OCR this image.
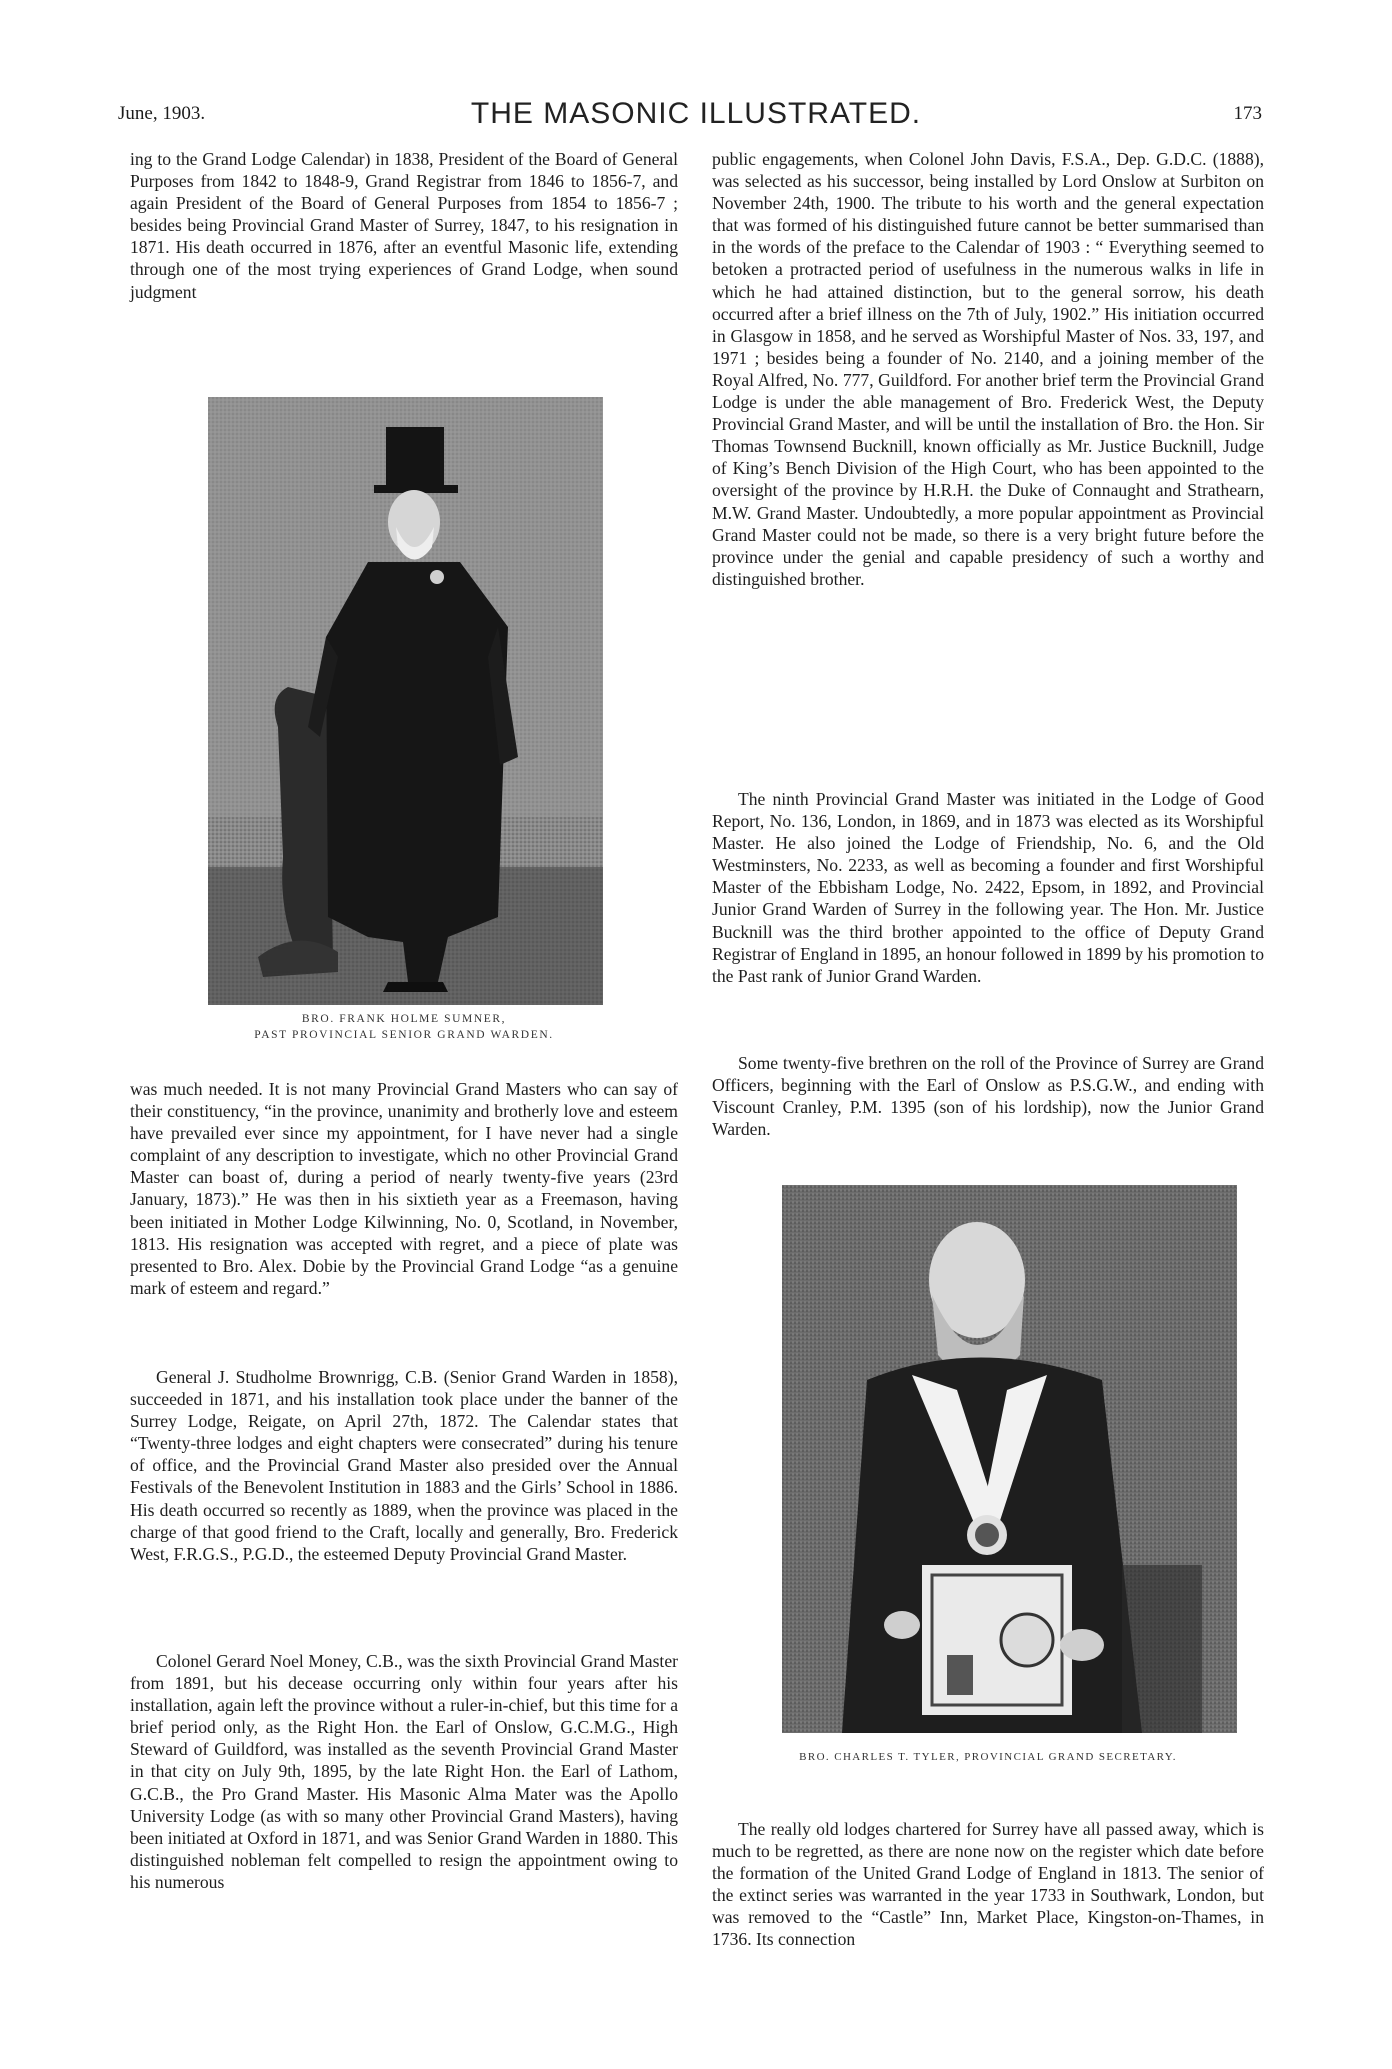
June, 1903.	THE MASONIC ILLUSTRATED.	173

ing to the Grand Lodge Calendar) in 1838, President of the Board of General Purposes from 1842 to 1848-9, Grand Registrar from 1846 to 1856-7, and again President of the Board of General Purposes from 1854 to 1856-7 ; besides being Provincial Grand Master of Surrey, 1847, to his resignation in 1871. His death occurred in 1876, after an eventful Masonic life, extending through one of the most trying experiences of Grand Lodge, when sound judgment

BRO. FRANK HOLME SUMNER,

PAST PROVINCIAL SENIOR GRAND WARDEN.

was much needed. It is not many Provincial Grand Masters who can say of their constituency, “in the province, unanimity and brotherly love and esteem have prevailed ever since my appointment, for I have never had a single complaint of any description to investigate, which no other Provincial Grand Master can boast of, during a period of nearly twenty-five years (23rd January, 1873).” He was then in his sixtieth year as a Freemason, having been initiated in Mother Lodge Kilwinning, No. 0, Scotland, in November, 1813. His resignation was accepted with regret, and a piece of plate was presented to Bro. Alex. Dobie by the Provincial Grand Lodge “as a genuine mark of esteem and regard.”

General J. Studholme Brownrigg, C.B. (Senior Grand Warden in 1858), succeeded in 1871, and his installation took place under the banner of the Surrey Lodge, Reigate, on April 27th, 1872. The Calendar states that “Twenty-three lodges and eight chapters were consecrated” during his tenure of office, and the Provincial Grand Master also presided over the Annual Festivals of the Benevolent Institution in 1883 and the Girls’ School in 1886. His death occurred so recently as 1889, when the province was placed in the charge of that good friend to the Craft, locally and generally, Bro. Frederick West, F.R.G.S., P.G.D., the esteemed Deputy Provincial Grand Master.

Colonel Gerard Noel Money, C.B., was the sixth Provincial Grand Master from 1891, but his decease occurring only within four years after his installation, again left the province without a ruler-in-chief, but this time for a brief period only, as the Right Hon. the Earl of Onslow, G.C.M.G., High Steward of Guildford, was installed as the seventh Provincial Grand Master in that city on July 9th, 1895, by the late Right Hon. the Earl of Lathom, G.C.B., the Pro Grand Master. His Masonic Alma Mater was the Apollo University Lodge (as with so many other Provincial Grand Masters), having been initiated at Oxford in 1871, and was Senior Grand Warden in 1880. This distinguished nobleman felt compelled to resign the appointment owing to his numerous

public engagements, when Colonel John Davis, F.S.A., Dep. G.D.C. (1888), was selected as his successor, being installed by Lord Onslow at Surbiton on November 24th, 1900. The tribute to his worth and the general expectation that was formed of his distinguished future cannot be better summarised than in the words of the preface to the Calendar of 1903 : “ Everything seemed to betoken a protracted period of usefulness in the numerous walks in life in which he had attained distinction, but to the general sorrow, his death occurred after a brief illness on the 7th of July, 1902.” His initiation occurred in Glasgow in 1858, and he served as Worshipful Master of Nos. 33, 197, and 1971 ; besides being a founder of No. 2140, and a joining member of the Royal Alfred, No. 777, Guildford. For another brief term the Provincial Grand Lodge is under the able management of Bro. Frederick West, the Deputy Provincial Grand Master, and will be until the installation of Bro. the Hon. Sir Thomas Townsend Bucknill, known officially as Mr. Justice Bucknill, Judge of King’s Bench Division of the High Court, who has been appointed to the oversight of the province by H.R.H. the Duke of Connaught and Strathearn, M.W. Grand Master. Undoubtedly, a more popular appointment as Provincial Grand Master could not be made, so there is a very bright future before the province under the genial and capable presidency of such a worthy and distinguished brother.

The ninth Provincial Grand Master was initiated in the Lodge of Good Report, No. 136, London, in 1869, and in 1873 was elected as its Worshipful Master. He also joined the Lodge of Friendship, No. 6, and the Old Westminsters, No. 2233, as well as becoming a founder and first Worshipful Master of the Ebbisham Lodge, No. 2422, Epsom, in 1892, and Provincial Junior Grand Warden of Surrey in the following year. The Hon. Mr. Justice Bucknill was the third brother appointed to the office of Deputy Grand Registrar of England in 1895, an honour followed in 1899 by his promotion to the Past rank of Junior Grand Warden.

Some twenty-five brethren on the roll of the Province of Surrey are Grand Officers, beginning with the Earl of Onslow as P.S.G.W., and ending with Viscount Cranley, P.M. 1395 (son of his lordship), now the Junior Grand Warden.

BRO. CHARLES T. TYLER, PROVINCIAL GRAND SECRETARY.

The really old lodges chartered for Surrey have all passed away, which is much to be regretted, as there are none now on the register which date before the formation of the United Grand Lodge of England in 1813. The senior of the extinct series was warranted in the year 1733 in Southwark, London, but was removed to the “Castle” Inn, Market Place, Kingston-on-Thames, in 1736. Its connection
